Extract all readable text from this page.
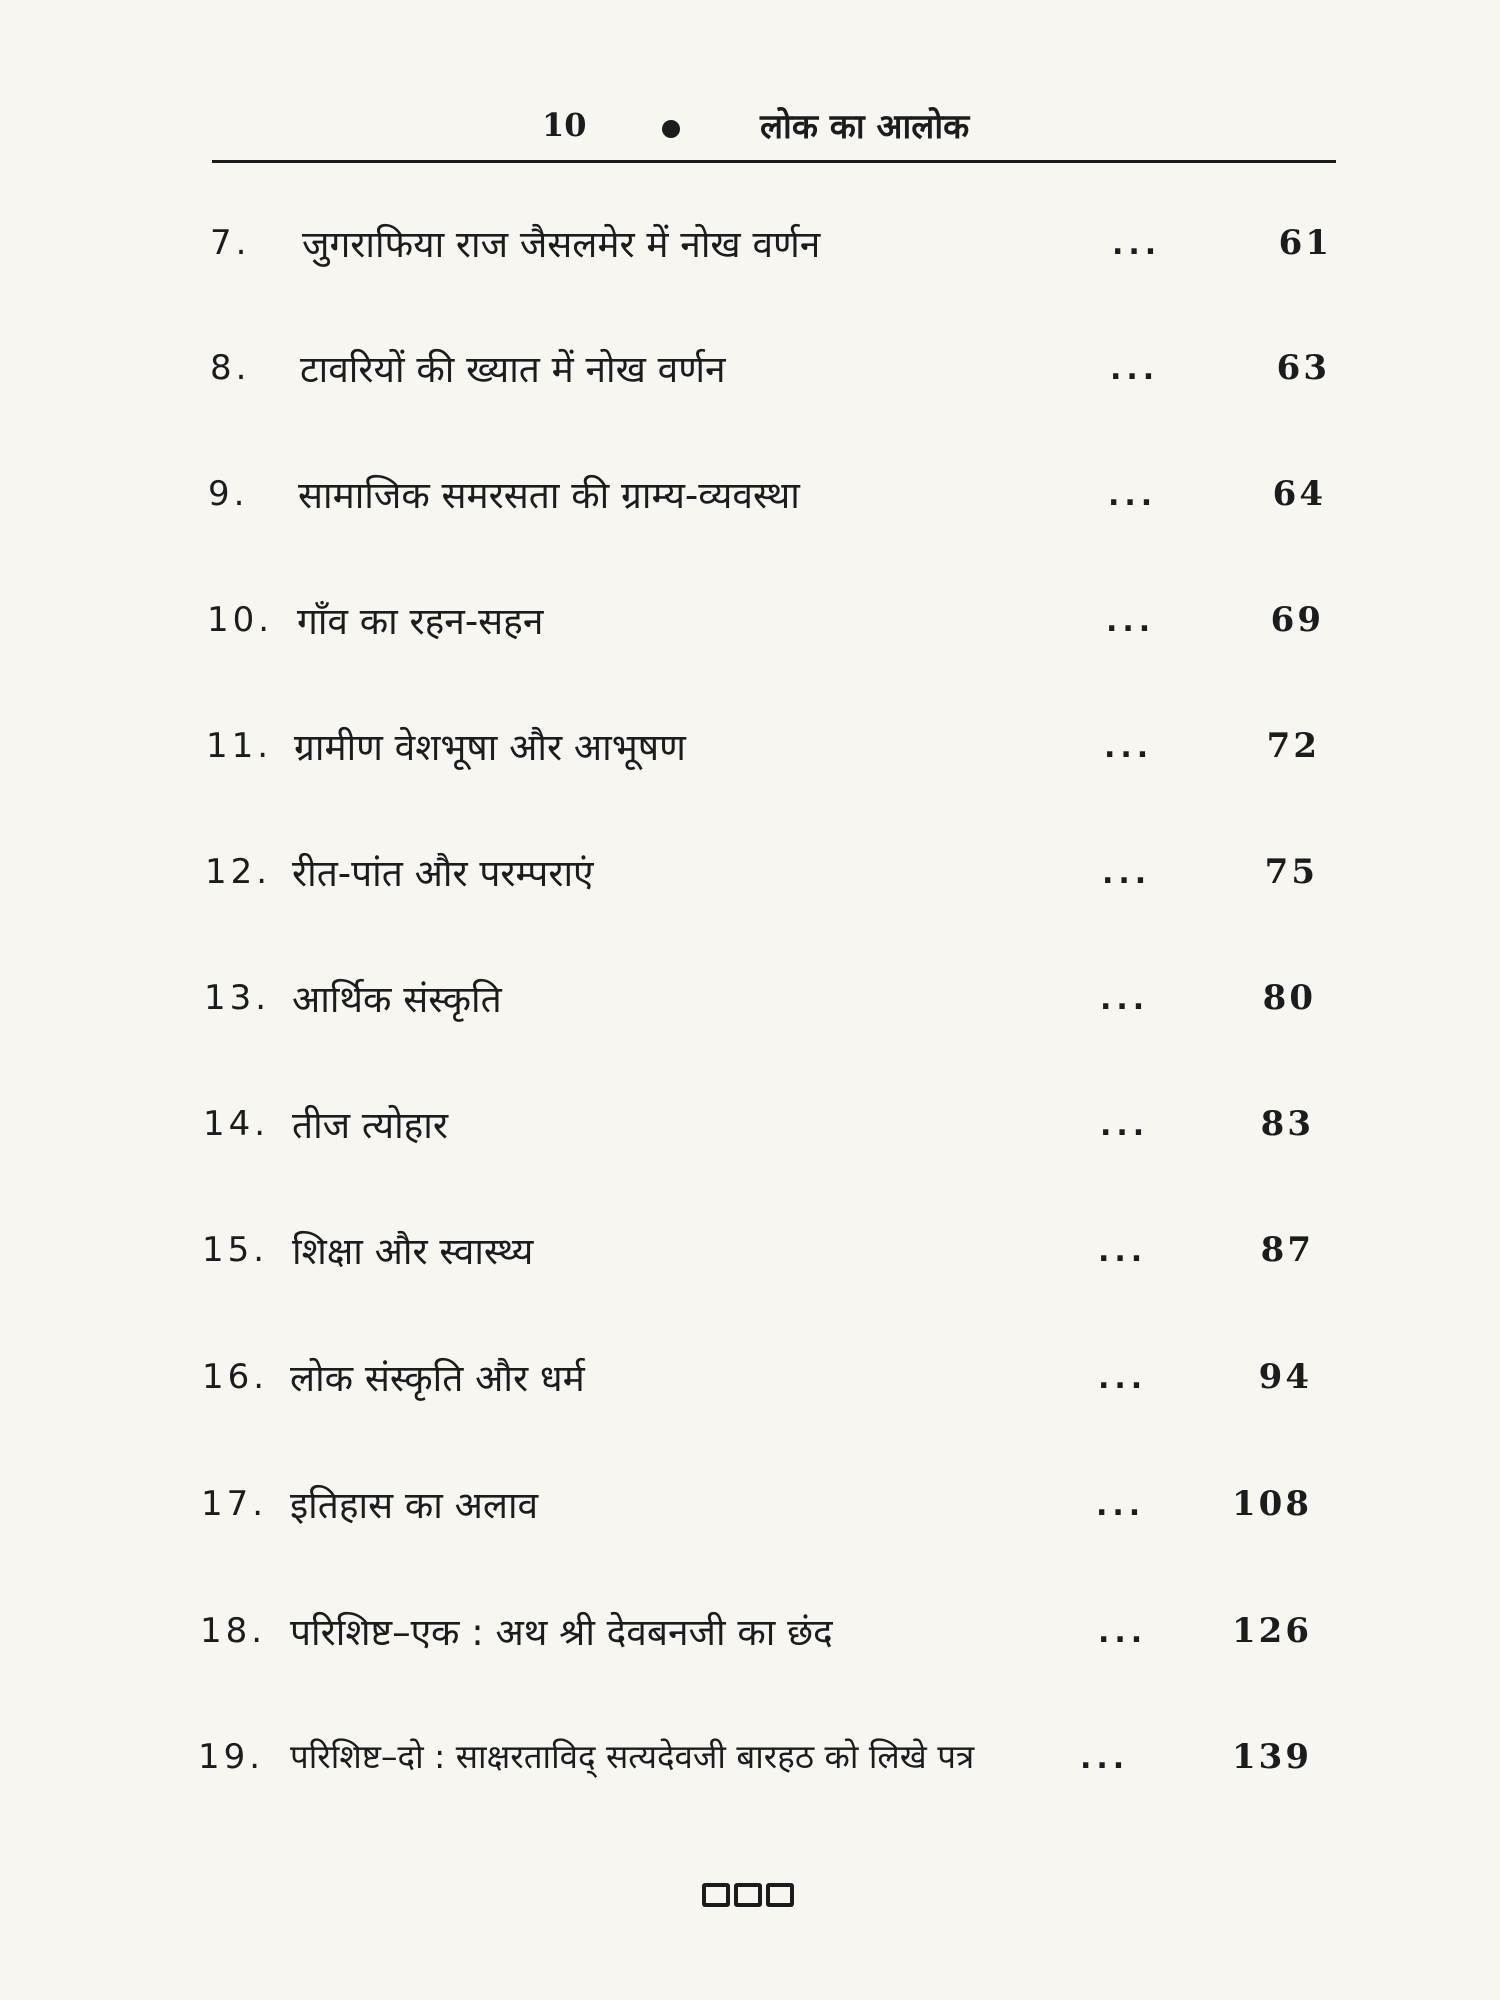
10	लोक का आलोक
7. जुगराफिया राज जैसलमेर में नोख वर्णन	...	61
8. टावरियों की ख्यात में नोख वर्णन	...	63
9. सामाजिक समरसता की ग्राम्य-व्यवस्था	...	64
10. गाँव का रहन-सहन	...	69
11. ग्रामीण वेशभूषा और आभूषण	...	72
12. रीत-पांत और परम्पराएं	...	75
13. आर्थिक संस्कृति	...	80
14. तीज त्योहार	...	83
15. शिक्षा और स्वास्थ्य	...	87
16. लोक संस्कृति और धर्म	...	94
17. इतिहास का अलाव	...	108
18. परिशिष्ट–एक : अथ श्री देवबनजी का छंद	...	126
19. परिशिष्ट–दो : साक्षरताविद् सत्यदेवजी बारहठ को लिखे पत्र	...	139
